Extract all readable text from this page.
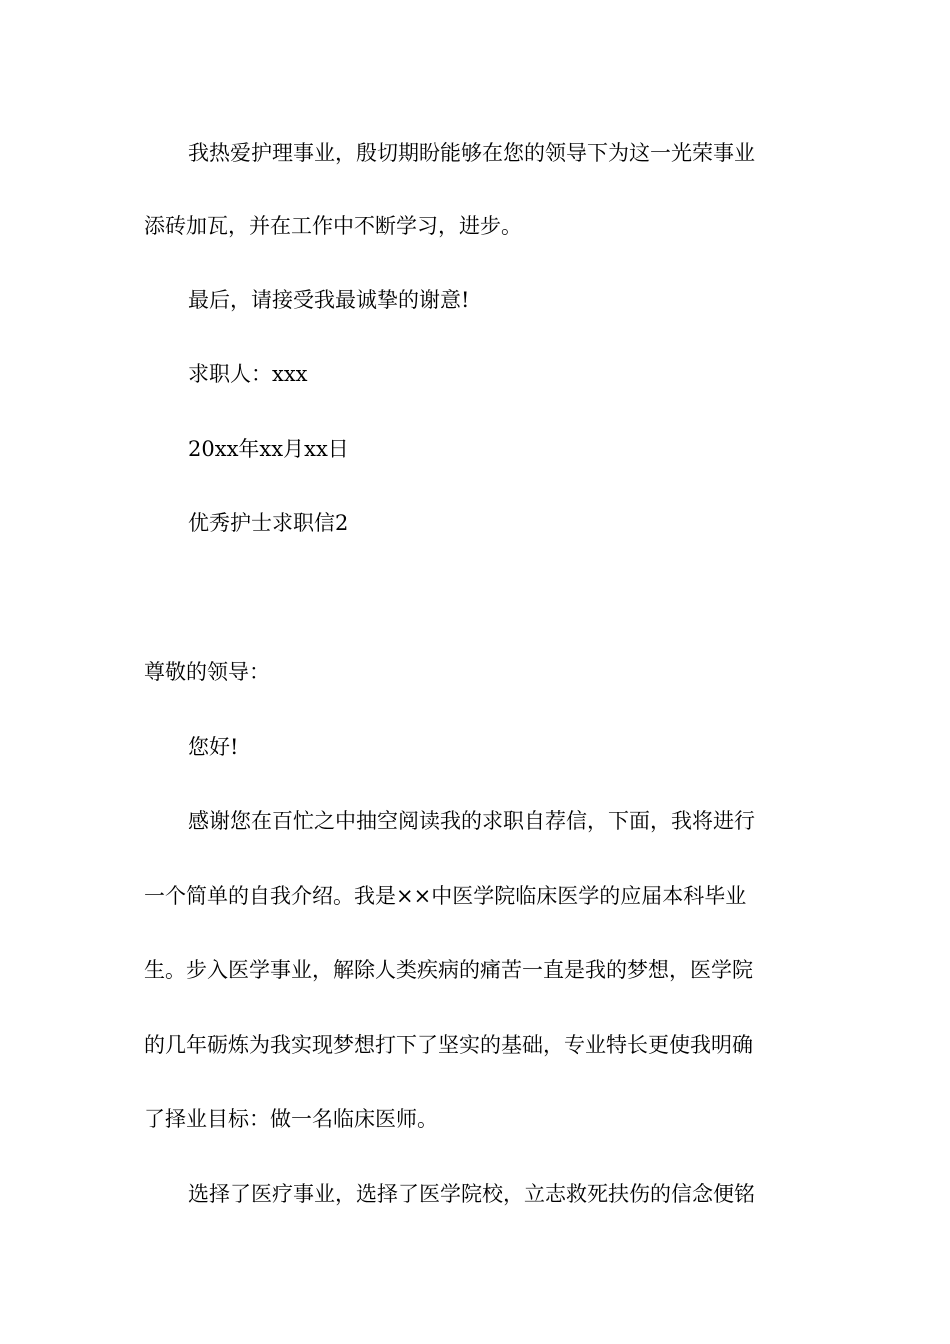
我热爱护理事业，殷切期盼能够在您的领导下为这一光荣事业
添砖加瓦，并在工作中不断学习，进步。
最后，请接受我最诚挚的谢意!
求职人：xxx
20xx年xx月xx日
优秀护士求职信2
尊敬的领导：
您好!
感谢您在百忙之中抽空阅读我的求职自荐信，下面，我将进行
一个简单的自我介绍。我是××中医学院临床医学的应届本科毕业
生。步入医学事业，解除人类疾病的痛苦一直是我的梦想，医学院
的几年砺炼为我实现梦想打下了坚实的基础，专业特长更使我明确
了择业目标：做一名临床医师。
选择了医疗事业，选择了医学院校，立志救死扶伤的信念便铭
